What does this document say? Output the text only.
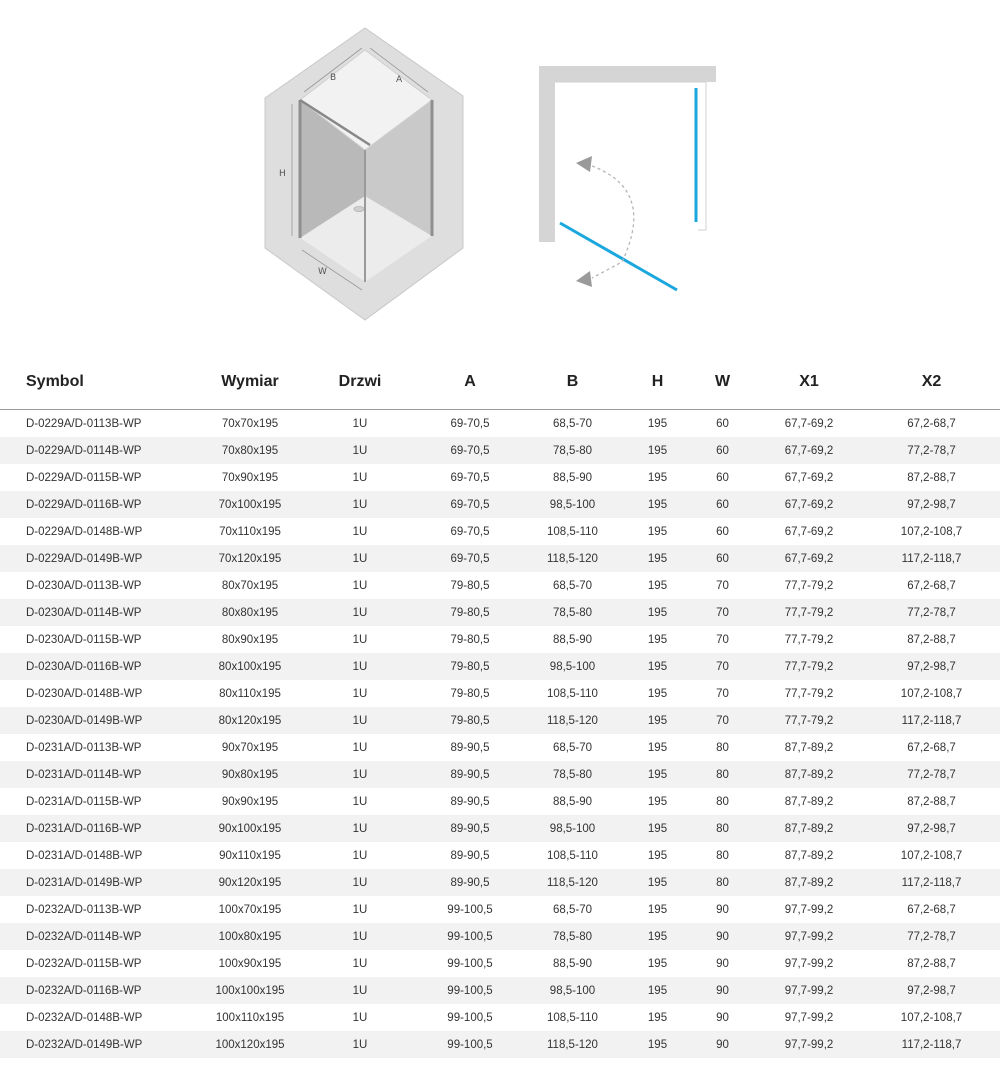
B	A
H
W
Symbol	Wymiar	Drzwi	A	B	H	W	X1	X2
D-0229A/D-0113B-WP	70x70x195	1U	69-70,5	68,5-70	195	60	67,7-69,2	67,2-68,7
D-0229A/D-0114B-WP	70x80x195	1U	69-70,5	78,5-80	195	60	67,7-69,2	77,2-78,7
D-0229A/D-0115B-WP	70x90x195	1U	69-70,5	88,5-90	195	60	67,7-69,2	87,2-88,7
D-0229A/D-0116B-WP	70x100x195	1U	69-70,5	98,5-100	195	60	67,7-69,2	97,2-98,7
D-0229A/D-0148B-WP	70x110x195	1U	69-70,5	108,5-110	195	60	67,7-69,2	107,2-108,7
D-0229A/D-0149B-WP	70x120x195	1U	69-70,5	118,5-120	195	60	67,7-69,2	117,2-118,7
D-0230A/D-0113B-WP	80x70x195	1U	79-80,5	68,5-70	195	70	77,7-79,2	67,2-68,7
D-0230A/D-0114B-WP	80x80x195	1U	79-80,5	78,5-80	195	70	77,7-79,2	77,2-78,7
D-0230A/D-0115B-WP	80x90x195	1U	79-80,5	88,5-90	195	70	77,7-79,2	87,2-88,7
D-0230A/D-0116B-WP	80x100x195	1U	79-80,5	98,5-100	195	70	77,7-79,2	97,2-98,7
D-0230A/D-0148B-WP	80x110x195	1U	79-80,5	108,5-110	195	70	77,7-79,2	107,2-108,7
D-0230A/D-0149B-WP	80x120x195	1U	79-80,5	118,5-120	195	70	77,7-79,2	117,2-118,7
D-0231A/D-0113B-WP	90x70x195	1U	89-90,5	68,5-70	195	80	87,7-89,2	67,2-68,7
D-0231A/D-0114B-WP	90x80x195	1U	89-90,5	78,5-80	195	80	87,7-89,2	77,2-78,7
D-0231A/D-0115B-WP	90x90x195	1U	89-90,5	88,5-90	195	80	87,7-89,2	87,2-88,7
D-0231A/D-0116B-WP	90x100x195	1U	89-90,5	98,5-100	195	80	87,7-89,2	97,2-98,7
D-0231A/D-0148B-WP	90x110x195	1U	89-90,5	108,5-110	195	80	87,7-89,2	107,2-108,7
D-0231A/D-0149B-WP	90x120x195	1U	89-90,5	118,5-120	195	80	87,7-89,2	117,2-118,7
D-0232A/D-0113B-WP	100x70x195	1U	99-100,5	68,5-70	195	90	97,7-99,2	67,2-68,7
D-0232A/D-0114B-WP	100x80x195	1U	99-100,5	78,5-80	195	90	97,7-99,2	77,2-78,7
D-0232A/D-0115B-WP	100x90x195	1U	99-100,5	88,5-90	195	90	97,7-99,2	87,2-88,7
D-0232A/D-0116B-WP	100x100x195	1U	99-100,5	98,5-100	195	90	97,7-99,2	97,2-98,7
D-0232A/D-0148B-WP	100x110x195	1U	99-100,5	108,5-110	195	90	97,7-99,2	107,2-108,7
D-0232A/D-0149B-WP	100x120x195	1U	99-100,5	118,5-120	195	90	97,7-99,2	117,2-118,7
